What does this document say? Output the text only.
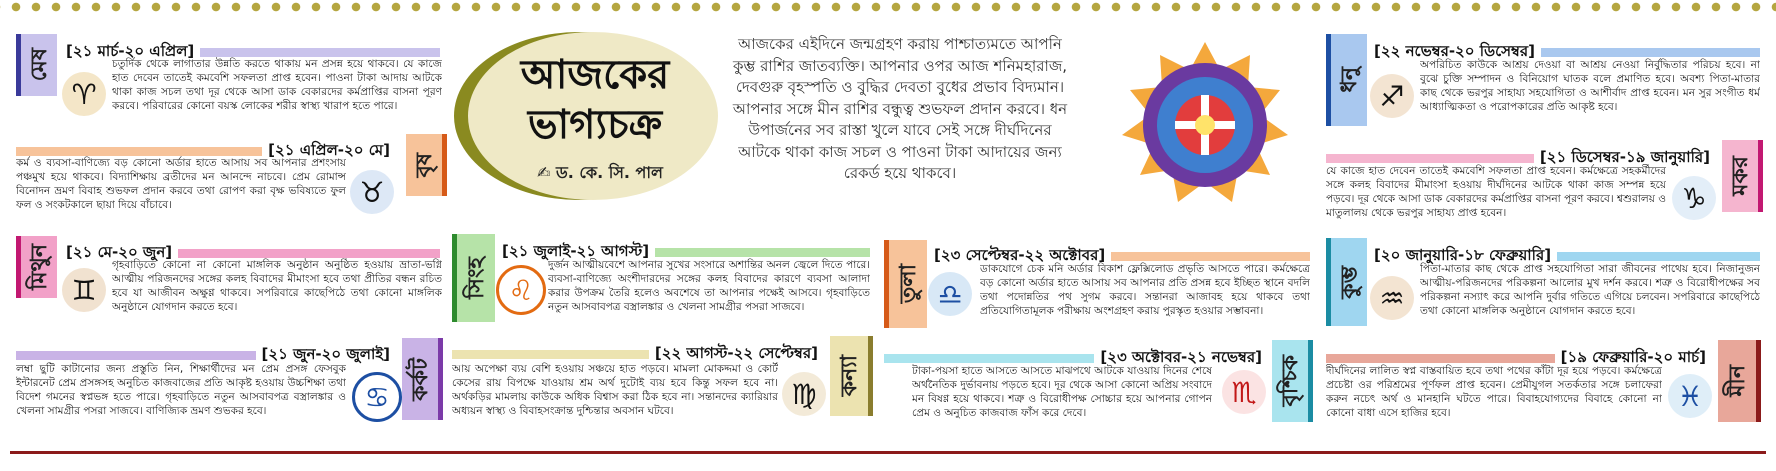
আজকের
ভাগ্যচক্র
✍ ড. কে. সি. পাল
আজকের এইদিনে জন্মগ্রহণ করায় পাশ্চাত্যমতে আপনি কুম্ভ রাশির জাতব্যক্তি। আপনার ওপর আজ শনিমহারাজ, দেবগুরু বৃহস্পতি ও বুদ্ধির দেবতা বুধের প্রভাব বিদ্যমান। আপনার সঙ্গে মীন রাশির বন্ধুত্ব শুভফল প্রদান করবে। ধন উপার্জনের সব রাস্তা খুলে যাবে সেই সঙ্গে দীর্ঘদিনের আটকে থাকা কাজ সচল ও পাওনা টাকা আদায়ের জন্য রেকর্ড হয়ে থাকবে।
মেষ [২১ মার্চ-২০ এপ্রিল]
♈
চতুর্দিক থেকে লাগাতার উন্নতি করতে থাকায় মন প্রসন্ন হয়ে থাকবে। যে কাজে হাত দেবেন তাতেই কমবেশি সফলতা প্রাপ্ত হবেন। পাওনা টাকা আদায় আটকে থাকা কাজ সচল তথা দূর থেকে আসা ডাক বেকারদের কর্মপ্রাপ্তির বাসনা পূরণ করবে। পরিবারের কোনো বয়স্ক লোকের শরীর স্বাস্থ্য খারাপ হতে পারে।
[২১ এপ্রিল-২০ মে]
বৃষ
কর্ম ও ব্যবসা-বাণিজ্যে বড় কোনো অর্ডার হাতে আসায় সব আপনার প্রশংসায় পঞ্চমুখ হয়ে থাকবে। বিদ্যাশিক্ষায় ব্রতীদের মন আনন্দে নাচবে। প্রেম রোমান্স বিনোদন ভ্রমণ বিবাহ শুভফল প্রদান করবে তথা রোপণ করা বৃক্ষ ভবিষ্যতে ফুল ফল ও সংকটকালে ছায়া দিয়ে বাঁচাবে।	♉
মিথুন [২১ মে-২০ জুন]
♊
গৃহবাড়িতে কোনো না কোনো মাঙ্গলিক অনুষ্ঠান অনুষ্ঠিত হওয়ায় ভ্রাতা-ভগ্নি আত্মীয় পরিজনদের সঙ্গের কলহ বিবাদের মীমাংসা হবে তথা প্রীতির বন্ধন রচিত হবে যা আজীবন অক্ষুণ্ণ থাকবে। সপরিবারে কাছেপিঠে তথা কোনো মাঙ্গলিক অনুষ্ঠানে যোগদান করতে হবে।
[২১ জুন-২০ জুলাই]
কর্কট
লম্বা ছুটি কাটানোর জন্য প্রস্তুতি নিন, শিক্ষার্থীদের মন প্রেম প্রসঙ্গ ফেসবুক ইন্টারনেট প্রেম প্রসঙ্গসহ অনুচিত কাজবাজের প্রতি আকৃষ্ট হওয়ায় উচ্চশিক্ষা তথা বিদেশ গমনের স্বপ্নভঙ্গ হতে পারে। গৃহবাড়িতে নতুন আসবাবপত্র বস্ত্রালঙ্কার ও খেলনা সামগ্রীর পসরা সাজবে। বাণিজ্যিক ভ্রমণ শুভকর হবে।	♋
সিংহ
[২১ জুলাই-২১ আগস্ট]
♌
দুর্জন আত্মীয়বেশে আপনার সুখের সংসারে অশান্তির অনল জ্বেলে দিতে পারে। ব্যবসা-বাণিজ্যে অংশীদারদের সঙ্গের কলহ বিবাদের কারণে ব্যবসা আলাদা করার উপক্রম তৈরি হলেও অবশেষে তা আপনার পক্ষেই আসবে। গৃহবাড়িতে নতুন আসবাবপত্র বস্ত্রালঙ্কার ও খেলনা সামগ্রীর পসরা সাজবে।
[২২ আগস্ট-২২ সেপ্টেম্বর]
কন্যা
আয় অপেক্ষা ব্যয় বেশি হওয়ায় সঞ্চয়ে হাত পড়বে। মামলা মোকদ্দমা ও কোর্ট কেসের রায় বিপক্ষে যাওয়ায় শ্রম অর্থ দুটোই ব্যয় হবে কিন্তু সফল হবে না। অর্থকড়ির মামলায় কাউকে অধিক বিশ্বাস করা ঠিক হবে না। সন্তানদের ক্যারিয়ার অধ্যয়ন স্বাস্থ্য ও বিবাহসংক্রান্ত দুশ্চিন্তার অবসান ঘটবে।
♍
তুলা
[২৩ সেপ্টেম্বর-২২ অক্টোবর]
♎
ডাকযোগে চেক মনি অর্ডার বিকাশ ফ্লেক্সিলোড প্রভৃতি আসতে পারে। কর্মক্ষেত্রে বড় কোনো অর্ডার হাতে আসায় সব আপনার প্রতি প্রসন্ন হবে ইচ্ছিত স্থানে বদলি তথা পদোন্নতির পথ সুগম করবে। সন্তানরা আজাবহ হয়ে থাকবে তথা প্রতিযোগিতামূলক পরীক্ষায় অংশগ্রহণ করায় পুরস্কৃত হওয়ার সম্ভাবনা।
[২৩ অক্টোবর-২১ নভেম্বর] বৃশ্চিক
টাকা-পয়সা হাতে আসতে আসতে মাঝপথে আটকে যাওয়ায় দিনের শেষে অর্থনৈতিক দুর্ভাবনায় পড়তে হবে। দূর থেকে আসা কোনো অপ্রিয় সংবাদে মন বিষণ্ণ হয়ে থাকবে। শত্রু ও বিরোধীপক্ষ সোচ্চার হয়ে আপনার গোপন প্রেম ও অনুচিত কাজবাজ ফাঁস করে দেবে।
♏
ধনু
[২২ নভেম্বর-২০ ডিসেম্বর]
♐
অপরিচিত কাউকে আশ্রয় দেওয়া বা আশ্রয় নেওয়া নির্বুদ্ধিতার পরিচয় হবে। না বুঝে চুক্তি সম্পাদন ও বিনিয়োগ ঘাতক বলে প্রমাণিত হবে। অবশ্য পিতা-মাতার কাছ থেকে ভরপুর সাহায্য সহযোগিতা ও আশীর্বাদ প্রাপ্ত হবেন। মন সুর সংগীত ধর্ম আধ্যাত্মিকতা ও পরোপকারের প্রতি আকৃষ্ট হবে।
[২১ ডিসেম্বর-১৯ জানুয়ারি] মকর
যে কাজে হাত দেবেন তাতেই কমবেশি সফলতা প্রাপ্ত হবেন। কর্মক্ষেত্রে সহকর্মীদের সঙ্গে কলহ বিবাদের মীমাংসা হওয়ায় দীর্ঘদিনের আটকে থাকা কাজ সম্পন্ন হয়ে পড়বে। দূর থেকে আসা ডাক বেকারদের কর্মপ্রাপ্তির বাসনা পূরণ করবে। শ্বশুরালয় ও মাতুলালয় থেকে ভরপুর সাহায্য প্রাপ্ত হবেন।	♑
কুম্ভ
[২০ জানুয়ারি-১৮ ফেব্রুয়ারি]
♒
পিতা-মাতার কাছ থেকে প্রাপ্ত সহযোগিতা সারা জীবনের পাথেয় হবে। নিজানুজন আত্মীয়-পরিজনদের পরিকল্পনা আলোর মুখ দর্শন করবে। শত্রু ও বিরোধীপক্ষের সব পরিকল্পনা নস্যাৎ করে আপনি দুর্বার গতিতে এগিয়ে চলবেন। সপরিবারে কাছেপিঠে তথা কোনো মাঙ্গলিক অনুষ্ঠানে যোগদান করতে হবে।
[১৯ ফেব্রুয়ারি-২০ মার্চ]
মীন
দীর্ঘদিনের লালিত স্বপ্ন বাস্তবায়িত হবে তথা পথের কাঁটা দূর হয়ে পড়বে। কর্মক্ষেত্রে প্রচেষ্টা ওর পরিশ্রমের পূর্ণফল প্রাপ্ত হবেন। প্রেমীযুগল সতর্কতার সঙ্গে চলাফেরা করুন নচেৎ অর্থ ও মানহানি ঘটতে পারে। বিবাহযোগ্যদের বিবাহে কোনো না কোনো বাধা এসে হাজির হবে।
♓
